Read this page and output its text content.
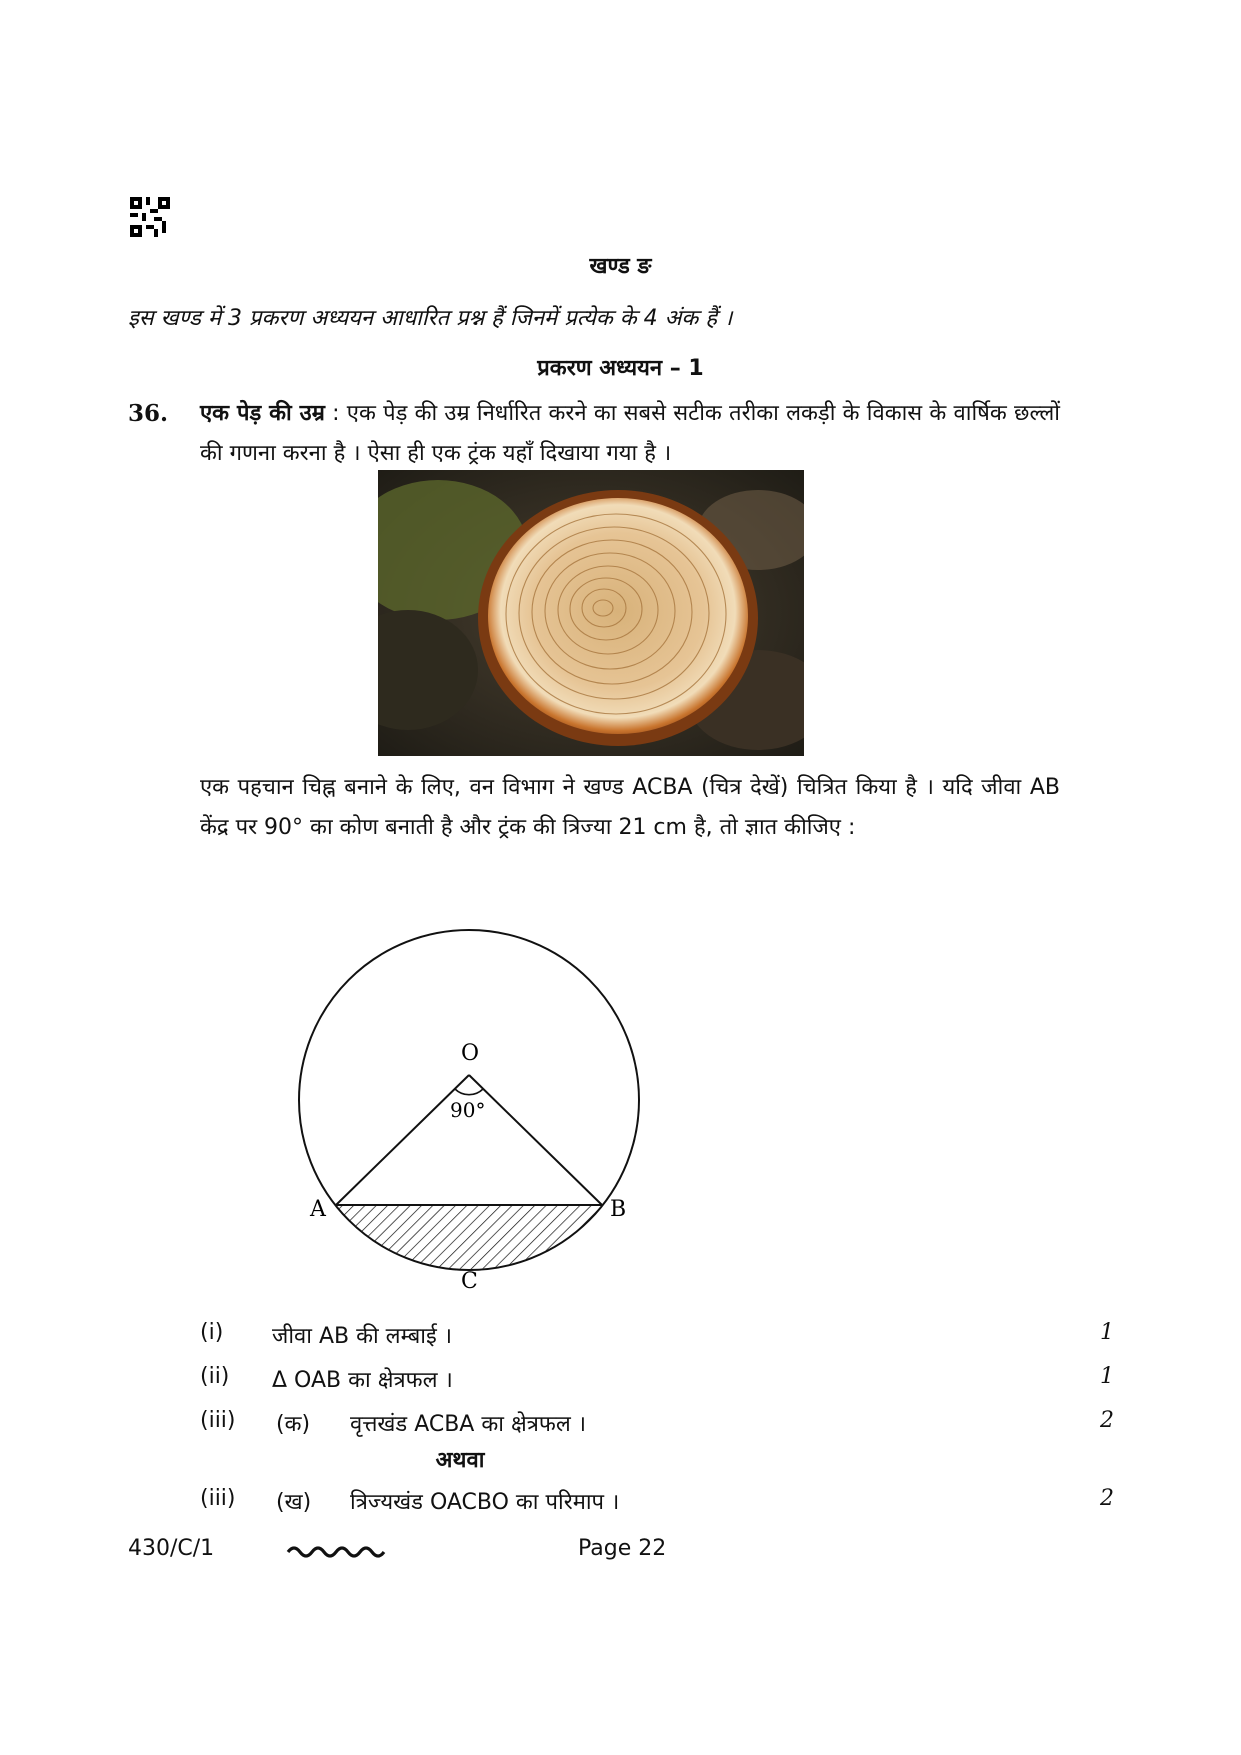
खण्ड ङ
इस खण्ड में 3 प्रकरण अध्ययन आधारित प्रश्न हैं जिनमें प्रत्येक के 4 अंक हैं ।
प्रकरण अध्ययन – 1
36. एक पेड़ की उम्र : एक पेड़ की उम्र निर्धारित करने का सबसे सटीक तरीका लकड़ी के विकास के वार्षिक छल्लों की गणना करना है । ऐसा ही एक ट्रंक यहाँ दिखाया गया है ।
एक पहचान चिह्न बनाने के लिए, वन विभाग ने खण्ड ACBA (चित्र देखें) चित्रित किया है । यदि जीवा AB केंद्र पर 90° का कोण बनाती है और ट्रंक की त्रिज्या 21 cm है, तो ज्ञात कीजिए :
O
90°
A	B
C
(i) जीवा AB की लम्बाई ।	1
(ii) Δ OAB का क्षेत्रफल ।	1
(iii) (क) वृत्तखंड ACBA का क्षेत्रफल ।	2
अथवा
(iii) (ख) त्रिज्यखंड OACBO का परिमाप ।	2
430/C/1	Page 22
